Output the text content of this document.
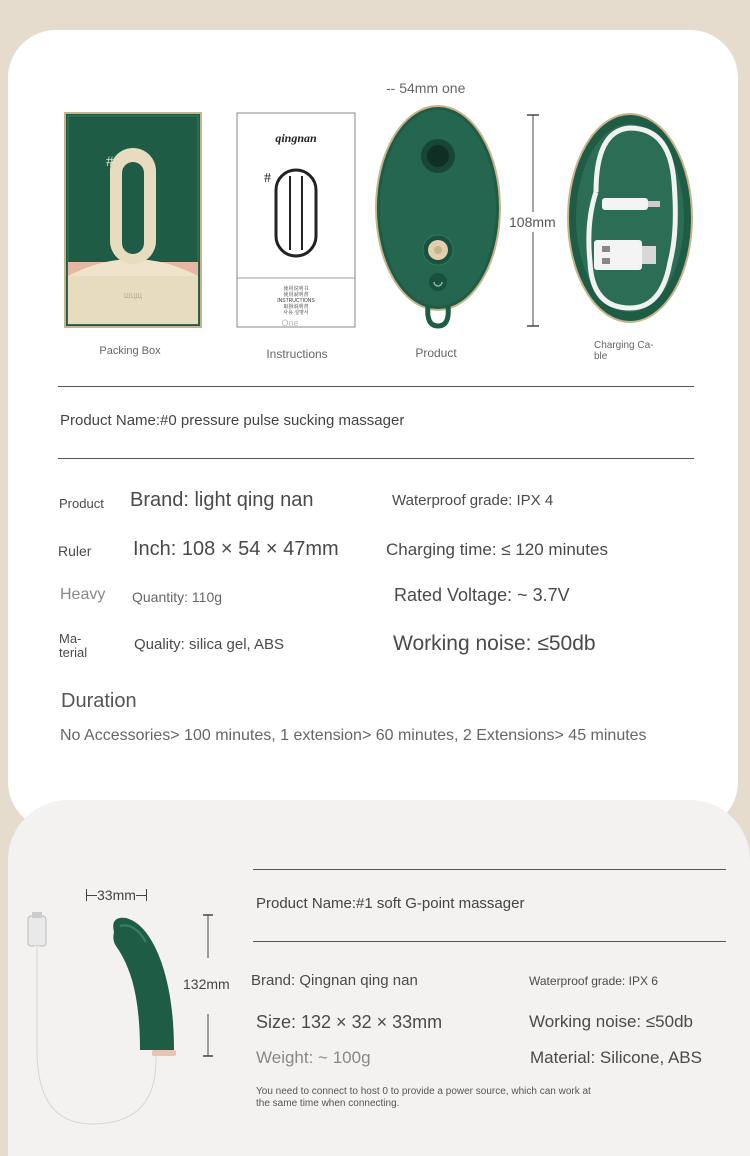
#0
ШЦЩ
Packing Box
qingnan
#
使用说明书
使用說明書
INSTRUCTIONS
取扱説明書
사용 설명서
One
Instructions
-- 54mm one
Product
108mm
Charging Ca-
ble
Product Name:#0 pressure pulse sucking massager
Product Brand: light qing nan	Waterproof grade: IPX 4
Ruler Inch: 108 × 54 × 47mm	Charging time: ≤ 120 minutes
Heavy Quantity: 110g	Rated Voltage: ~ 3.7V
Ma-
terial	Quality: silica gel, ABS	Working noise: ≤50db
Duration
No Accessories> 100 minutes, 1 extension> 60 minutes, 2 Extensions> 45 minutes
33mm
132mm
Product Name:#1 soft G-point massager
Brand: Qingnan qing nan	Waterproof grade: IPX 6
Size: 132 × 32 × 33mm	Working noise: ≤50db
Weight: ~ 100g	Material: Silicone, ABS
You need to connect to host 0 to provide a power source, which can work at
the same time when connecting.
